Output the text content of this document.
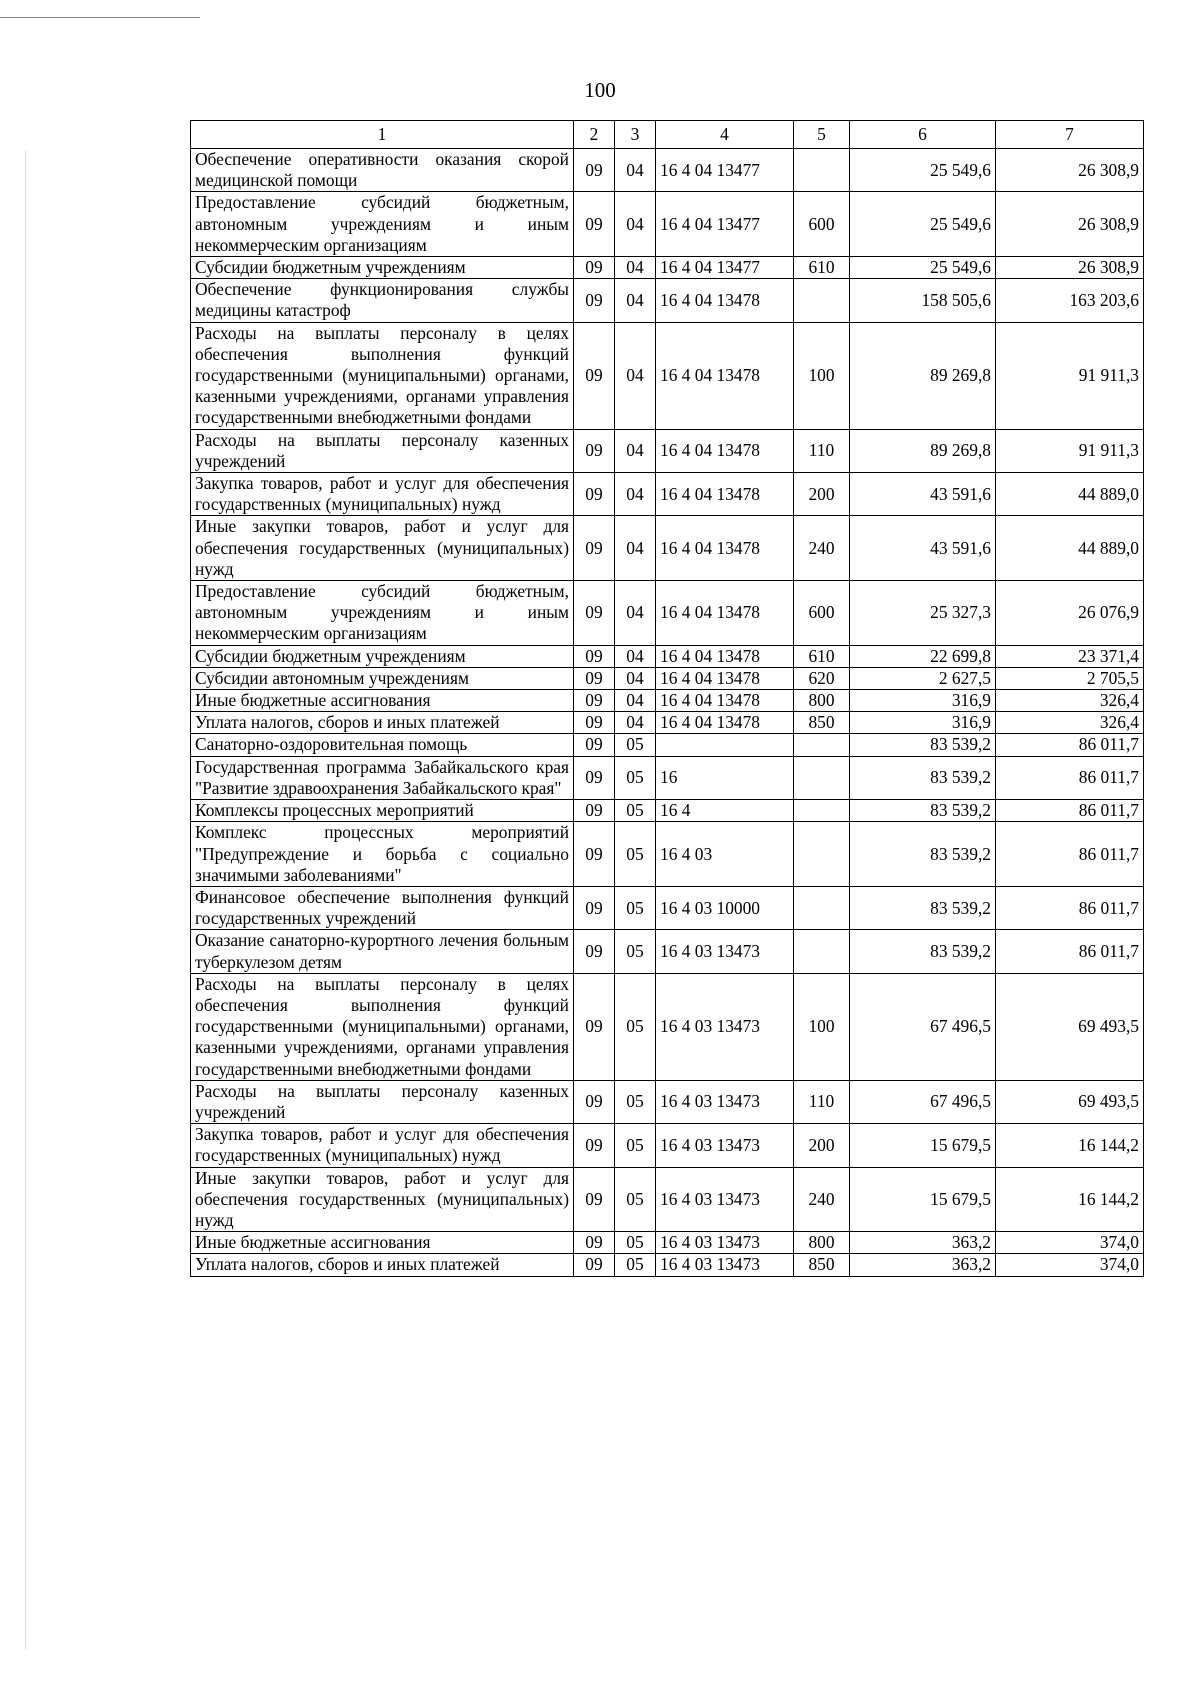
100
1	2	3	4	5	6	7
Обеспечение оперативности оказания скорой медицинской помощи	09	04	16 4 04 13477		25 549,6	26 308,9
Предоставление субсидий бюджетным, автономным учреждениям и иным некоммерческим организациям	09	04	16 4 04 13477	600	25 549,6	26 308,9
Субсидии бюджетным учреждениям	09	04	16 4 04 13477	610	25 549,6	26 308,9
Обеспечение функционирования службы медицины катастроф	09	04	16 4 04 13478		158 505,6	163 203,6
Расходы на выплаты персоналу в целях обеспечения выполнения функций государственными (муниципальными) органами, казенными учреждениями, органами управления государственными внебюджетными фондами	09	04	16 4 04 13478	100	89 269,8	91 911,3
Расходы на выплаты персоналу казенных учреждений	09	04	16 4 04 13478	110	89 269,8	91 911,3
Закупка товаров, работ и услуг для обеспечения государственных (муниципальных) нужд	09	04	16 4 04 13478	200	43 591,6	44 889,0
Иные закупки товаров, работ и услуг для обеспечения государственных (муниципальных) нужд	09	04	16 4 04 13478	240	43 591,6	44 889,0
Предоставление субсидий бюджетным, автономным учреждениям и иным некоммерческим организациям	09	04	16 4 04 13478	600	25 327,3	26 076,9
Субсидии бюджетным учреждениям	09	04	16 4 04 13478	610	22 699,8	23 371,4
Субсидии автономным учреждениям	09	04	16 4 04 13478	620	2 627,5	2 705,5
Иные бюджетные ассигнования	09	04	16 4 04 13478	800	316,9	326,4
Уплата налогов, сборов и иных платежей	09	04	16 4 04 13478	850	316,9	326,4
Санаторно-оздоровительная помощь	09	05			83 539,2	86 011,7
Государственная программа Забайкальского края "Развитие здравоохранения Забайкальского края"	09	05	16		83 539,2	86 011,7
Комплексы процессных мероприятий	09	05	16 4		83 539,2	86 011,7
Комплекс процессных мероприятий "Предупреждение и борьба с социально значимыми заболеваниями"	09	05	16 4 03		83 539,2	86 011,7
Финансовое обеспечение выполнения функций государственных учреждений	09	05	16 4 03 10000		83 539,2	86 011,7
Оказание санаторно-курортного лечения больным туберкулезом детям	09	05	16 4 03 13473		83 539,2	86 011,7
Расходы на выплаты персоналу в целях обеспечения выполнения функций государственными (муниципальными) органами, казенными учреждениями, органами управления государственными внебюджетными фондами	09	05	16 4 03 13473	100	67 496,5	69 493,5
Расходы на выплаты персоналу казенных учреждений	09	05	16 4 03 13473	110	67 496,5	69 493,5
Закупка товаров, работ и услуг для обеспечения государственных (муниципальных) нужд	09	05	16 4 03 13473	200	15 679,5	16 144,2
Иные закупки товаров, работ и услуг для обеспечения государственных (муниципальных) нужд	09	05	16 4 03 13473	240	15 679,5	16 144,2
Иные бюджетные ассигнования	09	05	16 4 03 13473	800	363,2	374,0
Уплата налогов, сборов и иных платежей	09	05	16 4 03 13473	850	363,2	374,0
